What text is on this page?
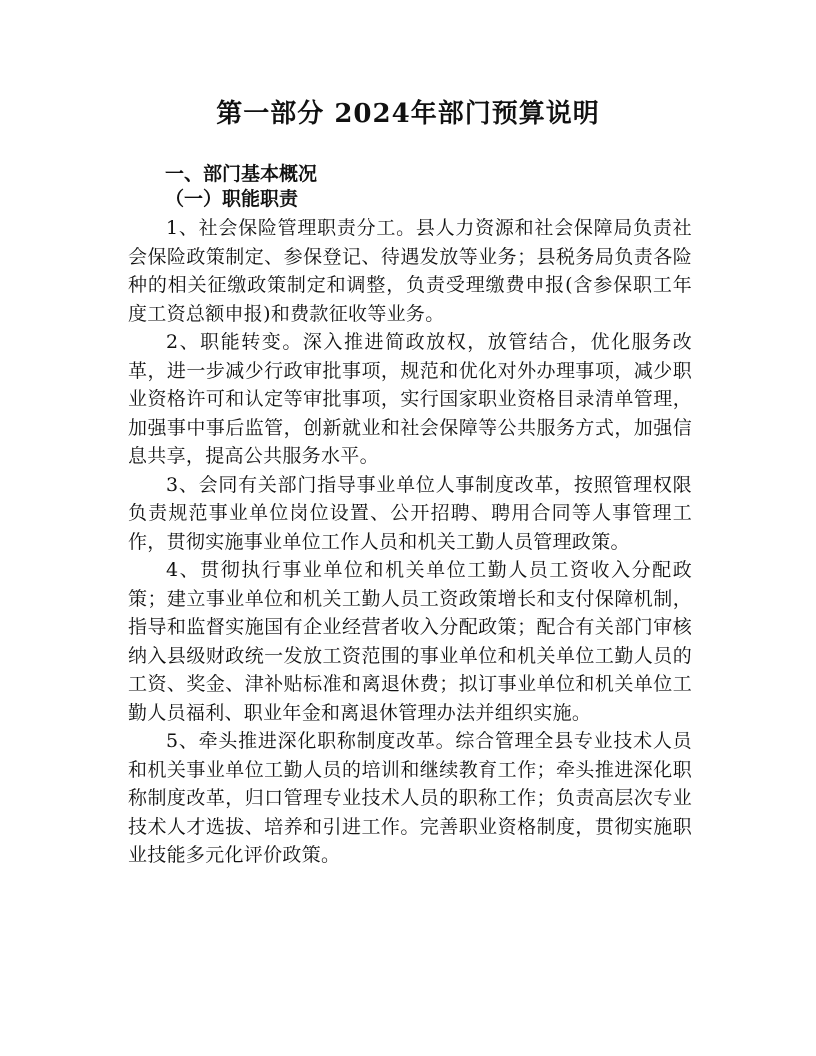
第一部分 2024年部门预算说明
一、部门基本概况
（一）职能职责

1、社会保险管理职责分工。县人力资源和社会保障局负责社会保险政策制定、参保登记、待遇发放等业务；县税务局负责各险种的相关征缴政策制定和调整，负责受理缴费申报(含参保职工年度工资总额申报)和费款征收等业务。

2、职能转变。深入推进简政放权，放管结合，优化服务改革，进一步减少行政审批事项，规范和优化对外办理事项，减少职业资格许可和认定等审批事项，实行国家职业资格目录清单管理，加强事中事后监管，创新就业和社会保障等公共服务方式，加强信息共享，提高公共服务水平。

3、会同有关部门指导事业单位人事制度改革，按照管理权限负责规范事业单位岗位设置、公开招聘、聘用合同等人事管理工作，贯彻实施事业单位工作人员和机关工勤人员管理政策。

4、贯彻执行事业单位和机关单位工勤人员工资收入分配政策；建立事业单位和机关工勤人员工资政策增长和支付保障机制，指导和监督实施国有企业经营者收入分配政策；配合有关部门审核纳入县级财政统一发放工资范围的事业单位和机关单位工勤人员的工资、奖金、津补贴标准和离退休费；拟订事业单位和机关单位工勤人员福利、职业年金和离退休管理办法并组织实施。

5、牵头推进深化职称制度改革。综合管理全县专业技术人员和机关事业单位工勤人员的培训和继续教育工作；牵头推进深化职称制度改革，归口管理专业技术人员的职称工作；负责高层次专业技术人才选拔、培养和引进工作。完善职业资格制度，贯彻实施职业技能多元化评价政策。
